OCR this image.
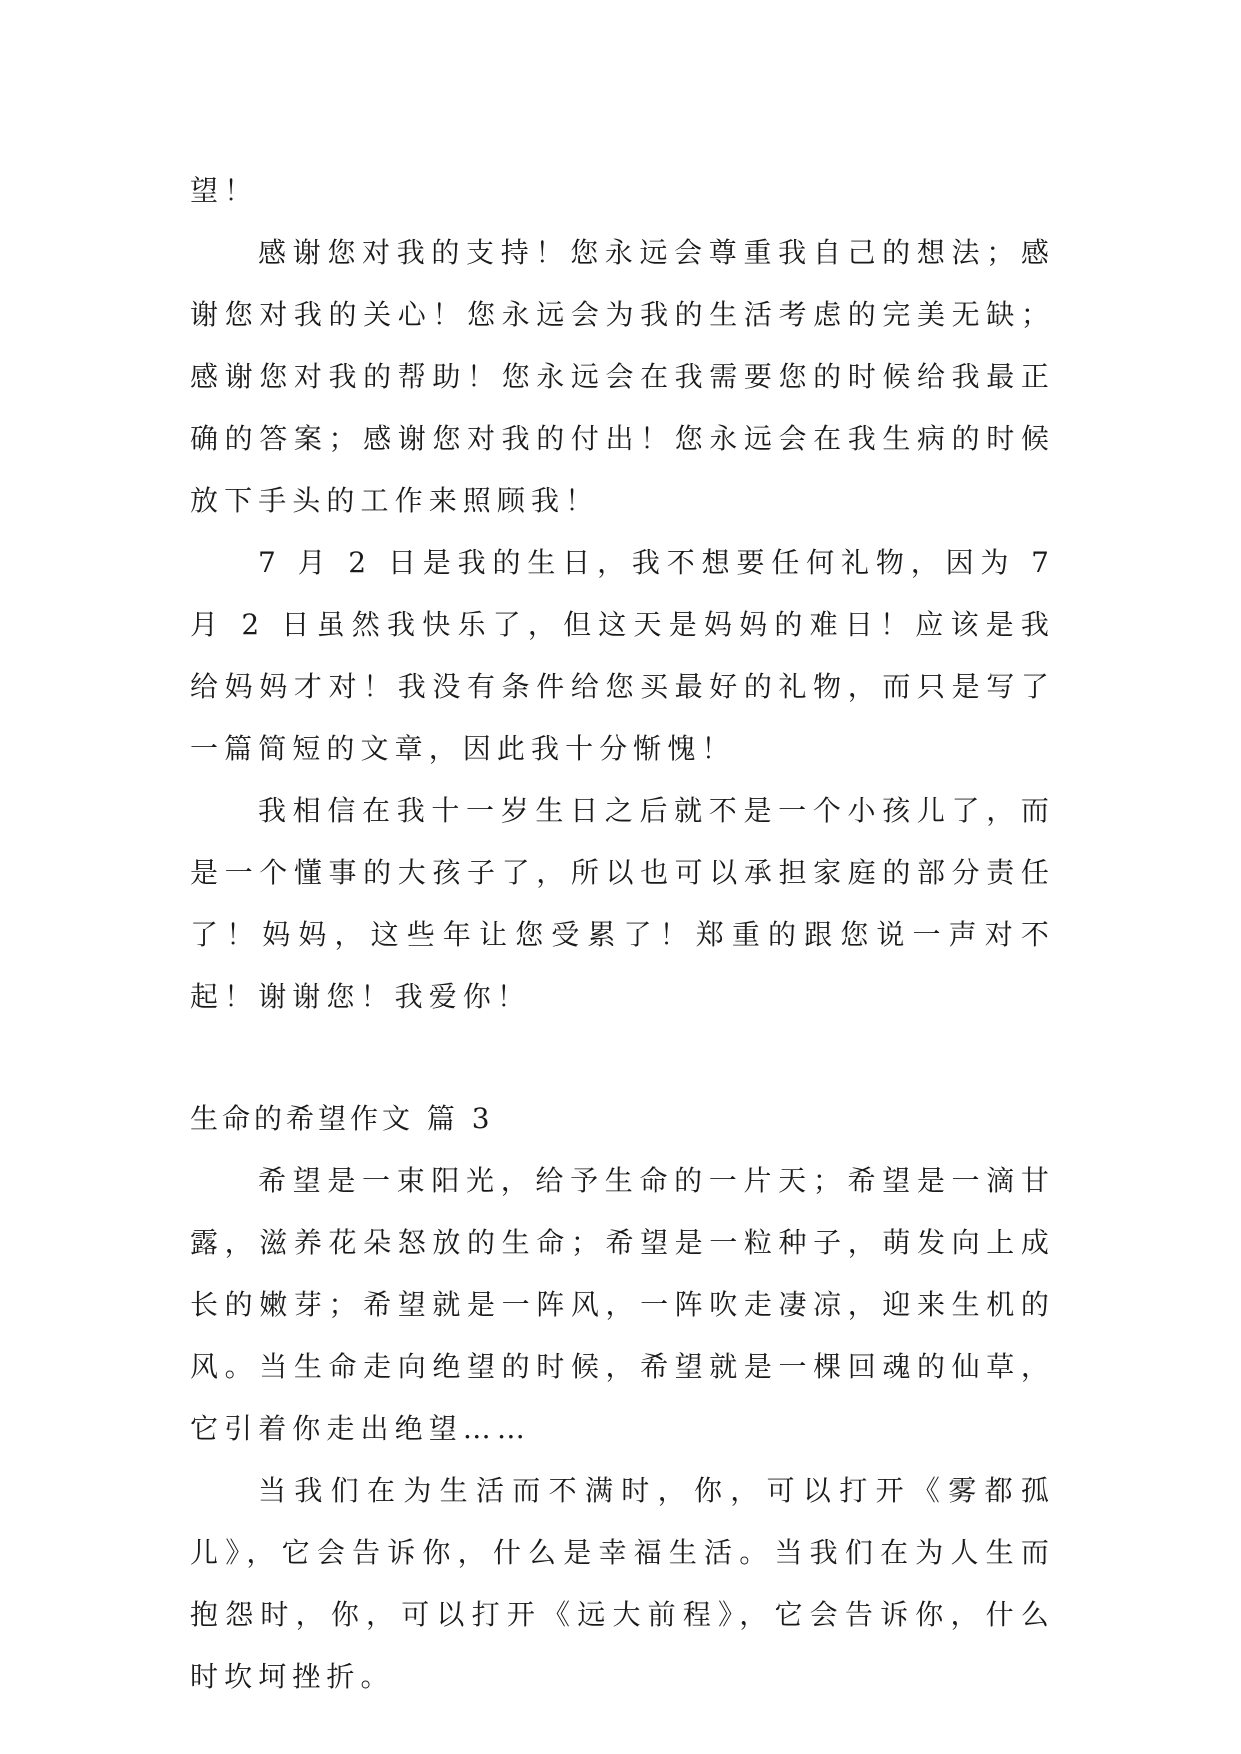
望！

感谢您对我的支持！您永远会尊重我自己的想法；感谢您对我的关心！您永远会为我的生活考虑的完美无缺；感谢您对我的帮助！您永远会在我需要您的时候给我最正确的答案；感谢您对我的付出！您永远会在我生病的时候放下手头的工作来照顾我！

7 月 2 日是我的生日，我不想要任何礼物，因为 7 月 2 日虽然我快乐了，但这天是妈妈的难日！应该是我给妈妈才对！我没有条件给您买最好的礼物，而只是写了一篇简短的文章，因此我十分惭愧！

我相信在我十一岁生日之后就不是一个小孩儿了，而是一个懂事的大孩子了，所以也可以承担家庭的部分责任了！妈妈，这些年让您受累了！郑重的跟您说一声对不起！谢谢您！我爱你！

生命的希望作文 篇 3

希望是一束阳光，给予生命的一片天；希望是一滴甘露，滋养花朵怒放的生命；希望是一粒种子，萌发向上成长的嫩芽；希望就是一阵风，一阵吹走凄凉，迎来生机的风。当生命走向绝望的时候，希望就是一棵回魂的仙草，它引着你走出绝望……

当我们在为生活而不满时，你，可以打开《雾都孤儿》，它会告诉你，什么是幸福生活。当我们在为人生而抱怨时，你，可以打开《远大前程》，它会告诉你，什么时坎坷挫折。
